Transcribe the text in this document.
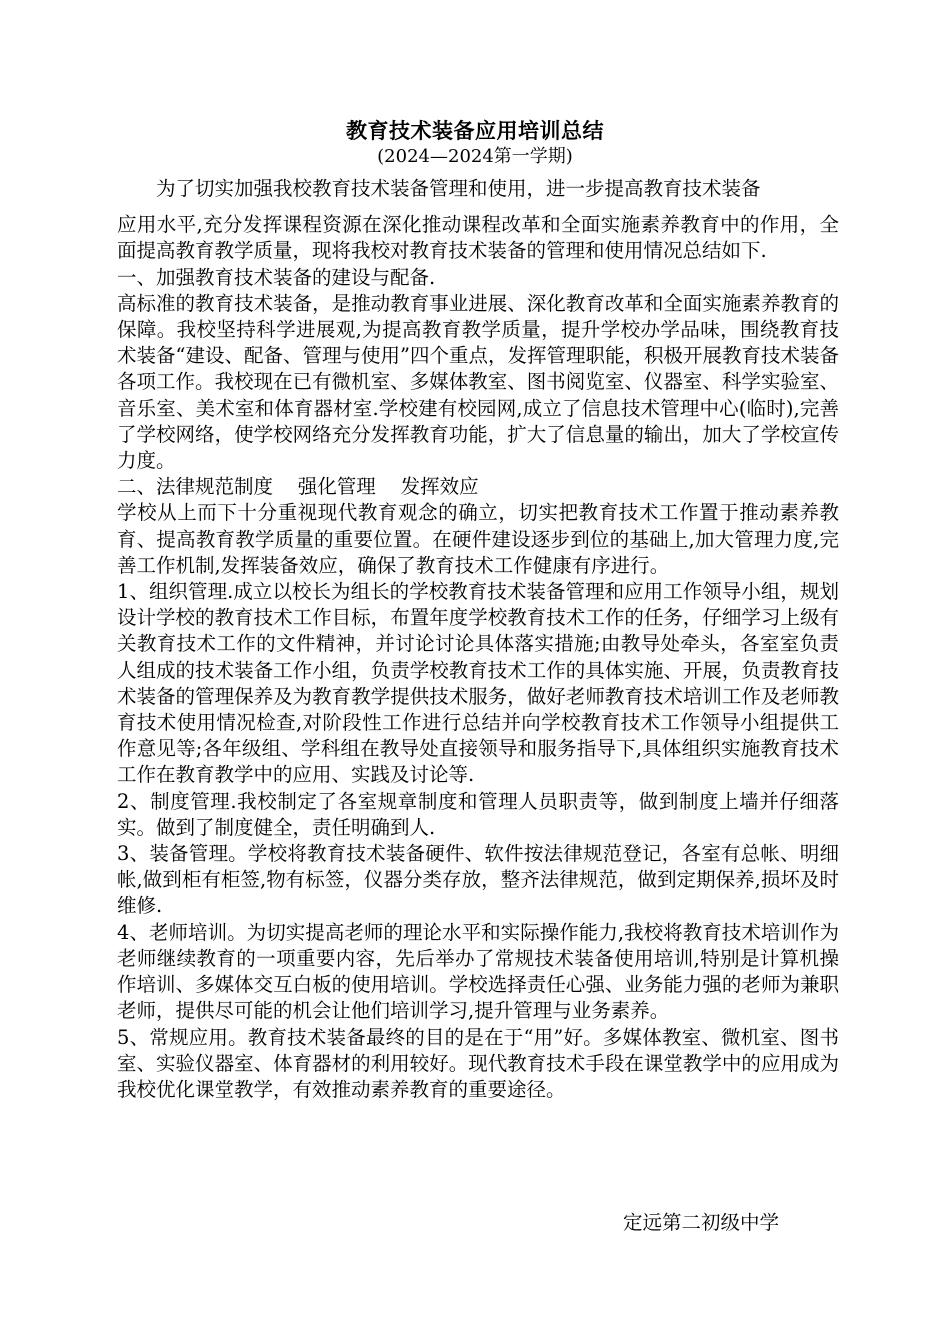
教育技术装备应用培训总结
(2024—2024第一学期)

为了切实加强我校教育技术装备管理和使用，进一步提高教育技术装备

应用水平,充分发挥课程资源在深化推动课程改革和全面实施素养教育中的作用，全面提高教育教学质量，现将我校对教育技术装备的管理和使用情况总结如下.

一、加强教育技术装备的建设与配备.

高标准的教育技术装备，是推动教育事业进展、深化教育改革和全面实施素养教育的保障。我校坚持科学进展观,为提高教育教学质量，提升学校办学品味，围绕教育技术装备“建设、配备、管理与使用”四个重点，发挥管理职能，积极开展教育技术装备各项工作。我校现在已有微机室、多媒体教室、图书阅览室、仪器室、科学实验室、音乐室、美术室和体育器材室.学校建有校园网,成立了信息技术管理中心(临时),完善了学校网络，使学校网络充分发挥教育功能，扩大了信息量的输出，加大了学校宣传力度。

二、法律规范制度    强化管理    发挥效应

学校从上而下十分重视现代教育观念的确立，切实把教育技术工作置于推动素养教育、提高教育教学质量的重要位置。在硬件建设逐步到位的基础上,加大管理力度,完善工作机制,发挥装备效应，确保了教育技术工作健康有序进行。

1、组织管理.成立以校长为组长的学校教育技术装备管理和应用工作领导小组，规划设计学校的教育技术工作目标，布置年度学校教育技术工作的任务，仔细学习上级有关教育技术工作的文件精神，并讨论讨论具体落实措施;由教导处牵头，各室室负责人组成的技术装备工作小组，负责学校教育技术工作的具体实施、开展，负责教育技术装备的管理保养及为教育教学提供技术服务，做好老师教育技术培训工作及老师教育技术使用情况检查,对阶段性工作进行总结并向学校教育技术工作领导小组提供工作意见等;各年级组、学科组在教导处直接领导和服务指导下,具体组织实施教育技术工作在教育教学中的应用、实践及讨论等.

2、制度管理.我校制定了各室规章制度和管理人员职责等，做到制度上墙并仔细落实。做到了制度健全，责任明确到人.

3、装备管理。学校将教育技术装备硬件、软件按法律规范登记，各室有总帐、明细帐,做到柜有柜签,物有标签，仪器分类存放，整齐法律规范，做到定期保养,损坏及时维修.

4、老师培训。为切实提高老师的理论水平和实际操作能力,我校将教育技术培训作为老师继续教育的一项重要内容，先后举办了常规技术装备使用培训,特别是计算机操作培训、多媒体交互白板的使用培训。学校选择责任心强、业务能力强的老师为兼职老师，提供尽可能的机会让他们培训学习,提升管理与业务素养。

5、常规应用。教育技术装备最终的目的是在于“用”好。多媒体教室、微机室、图书室、实验仪器室、体育器材的利用较好。现代教育技术手段在课堂教学中的应用成为我校优化课堂教学，有效推动素养教育的重要途径。

定远第二初级中学
